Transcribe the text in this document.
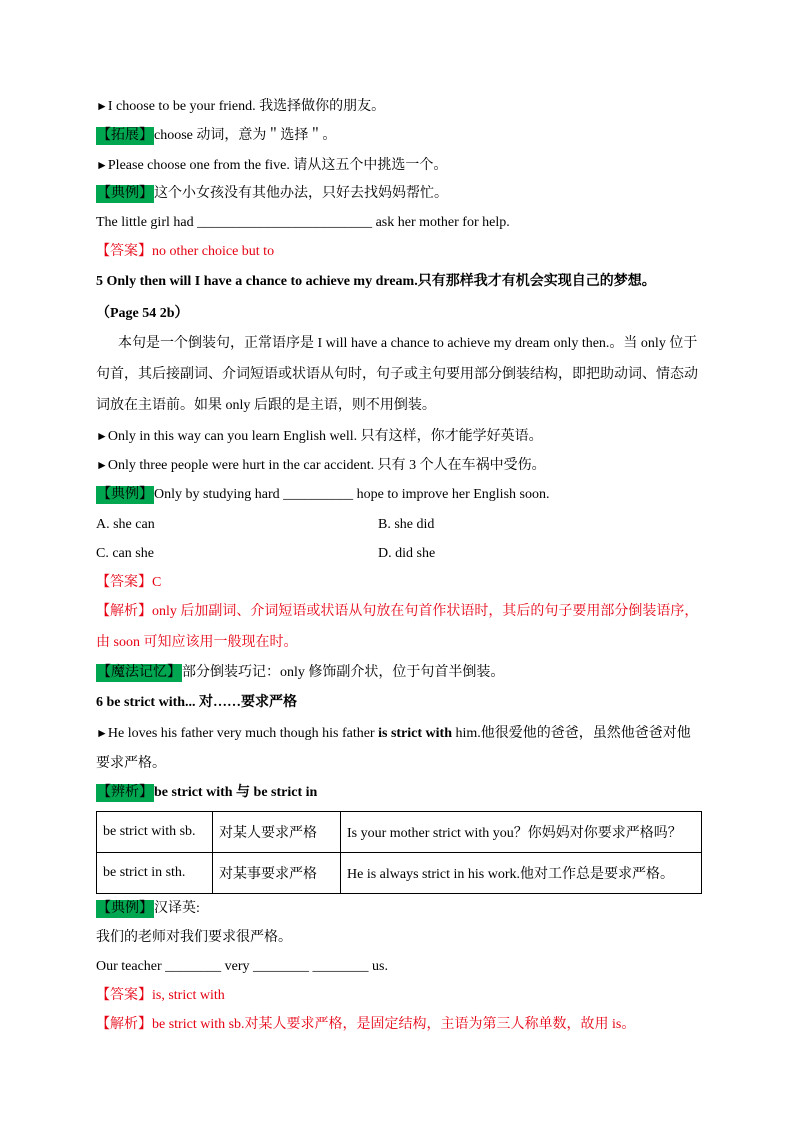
►I choose to be your friend. 我选择做你的朋友。
【拓展】choose 动词，意为＂选择＂。
►Please choose one from the five. 请从这五个中挑选一个。
【典例】这个小女孩没有其他办法，只好去找妈妈帮忙。
The little girl had _________________________ ask her mother for help.
【答案】no other choice but to
5 Only then will I have a chance to achieve my dream.只有那样我才有机会实现自己的梦想。
（Page 54 2b）
本句是一个倒装句，正常语序是 I will have a chance to achieve my dream only then.。当 only 位于
句首，其后接副词、介词短语或状语从句时，句子或主句要用部分倒装结构，即把助动词、情态动
词放在主语前。如果 only 后跟的是主语，则不用倒装。
►Only in this way can you learn English well. 只有这样，你才能学好英语。
►Only three people were hurt in the car accident. 只有 3 个人在车祸中受伤。
【典例】Only by studying hard __________ hope to improve her English soon.
A. she can	B. she did
C. can she	D. did she
【答案】C
【解析】only 后加副词、介词短语或状语从句放在句首作状语时，其后的句子要用部分倒装语序，
由 soon 可知应该用一般现在时。
【魔法记忆】部分倒装巧记：only 修饰副介状，位于句首半倒装。
6 be strict with... 对……要求严格
►He loves his father very much though his father is strict with him.他很爱他的爸爸，虽然他爸爸对他
要求严格。
【辨析】be strict with 与 be strict in
be strict with sb.	对某人要求严格	Is your mother strict with you？你妈妈对你要求严格吗？
be strict in sth.	对某事要求严格	He is always strict in his work.他对工作总是要求严格。
【典例】汉译英:
我们的老师对我们要求很严格。
Our teacher ________ very ________ ________ us.
【答案】is, strict with
【解析】be strict with sb.对某人要求严格，是固定结构，主语为第三人称单数，故用 is。
